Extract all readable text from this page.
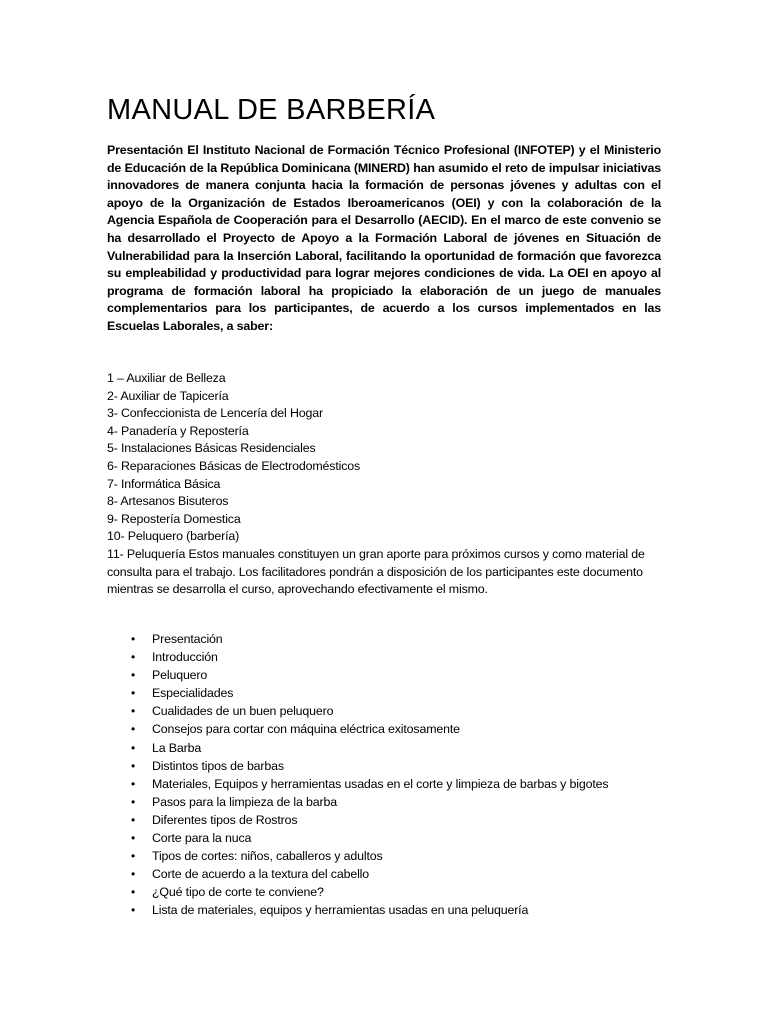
MANUAL DE BARBERÍA

Presentación El Instituto Nacional de Formación Técnico Profesional (INFOTEP) y el Ministerio de Educación de la República Dominicana (MINERD) han asumido el reto de impulsar iniciativas innovadores de manera conjunta hacia la formación de personas jóvenes y adultas con el apoyo de la Organización de Estados Iberoamericanos (OEI) y con la colaboración de la Agencia Española de Cooperación para el Desarrollo (AECID). En el marco de este convenio se ha desarrollado el Proyecto de Apoyo a la Formación Laboral de jóvenes en Situación de Vulnerabilidad para la Inserción Laboral, facilitando la oportunidad de formación que favorezca su empleabilidad y productividad para lograr mejores condiciones de vida. La OEI en apoyo al programa de formación laboral ha propiciado la elaboración de un juego de manuales complementarios para los participantes, de acuerdo a los cursos implementados en las Escuelas Laborales, a saber:

1 – Auxiliar de Belleza
2- Auxiliar de Tapicería
3- Confeccionista de Lencería del Hogar
4- Panadería y Repostería
5- Instalaciones Básicas Residenciales
6- Reparaciones Básicas de Electrodomésticos
7- Informática Básica
8- Artesanos Bisuteros
9- Repostería Domestica
10- Peluquero (barbería)
11- Peluquería Estos manuales constituyen un gran aporte para próximos cursos y como material de consulta para el trabajo. Los facilitadores pondrán a disposición de los participantes este documento mientras se desarrolla el curso, aprovechando efectivamente el mismo.
• Presentación
• Introducción
• Peluquero
• Especialidades
• Cualidades de un buen peluquero
• Consejos para cortar con máquina eléctrica exitosamente
• La Barba
• Distintos tipos de barbas
• Materiales, Equipos y herramientas usadas en el corte y limpieza de barbas y bigotes
• Pasos para la limpieza de la barba
• Diferentes tipos de Rostros
• Corte para la nuca
• Tipos de cortes: niños, caballeros y adultos
• Corte de acuerdo a la textura del cabello
• ¿Qué tipo de corte te conviene?
• Lista de materiales, equipos y herramientas usadas en una peluquería
